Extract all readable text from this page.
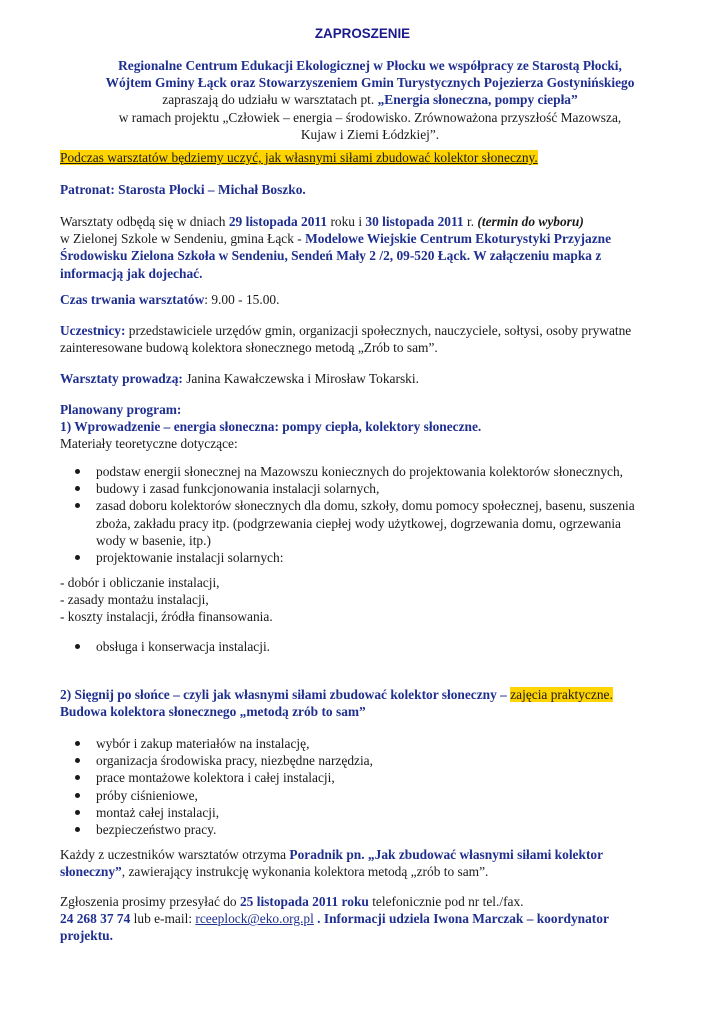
ZAPROSZENIE
Regionalne Centrum Edukacji Ekologicznej w Płocku we współpracy ze Starostą Płocki,
Wójtem Gminy Łąck oraz Stowarzyszeniem Gmin Turystycznych Pojezierza Gostynińskiego
zapraszają do udziału w warsztatach pt. „Energia słoneczna, pompy ciepła”
w ramach projektu „Człowiek – energia – środowisko. Zrównoważona przyszłość Mazowsza,
Kujaw i Ziemi Łódzkiej”.
Podczas warsztatów będziemy uczyć, jak własnymi siłami zbudować kolektor słoneczny.
Patronat: Starosta Płocki – Michał Boszko.
Warsztaty odbędą się w dniach 29 listopada 2011 roku i 30 listopada 2011 r. (termin do wyboru)
w Zielonej Szkole w Sendeniu, gmina Łąck - Modelowe Wiejskie Centrum Ekoturystyki Przyjazne
Środowisku Zielona Szkoła w Sendeniu, Sendeń Mały 2 /2, 09-520 Łąck. W załączeniu mapka z
informacją jak dojechać.
Czas trwania warsztatów: 9.00 - 15.00.
Uczestnicy: przedstawiciele urzędów gmin, organizacji społecznych, nauczyciele, sołtysi, osoby prywatne
zainteresowane budową kolektora słonecznego metodą „Zrób to sam”.
Warsztaty prowadzą: Janina Kawałczewska i Mirosław Tokarski.
Planowany program:
1) Wprowadzenie – energia słoneczna: pompy ciepła, kolektory słoneczne.
Materiały teoretyczne dotyczące:
podstaw energii słonecznej na Mazowszu koniecznych do projektowania kolektorów słonecznych,
budowy i zasad funkcjonowania instalacji solarnych,
zasad doboru kolektorów słonecznych dla domu, szkoły, domu pomocy społecznej, basenu, suszenia
zboża, zakładu pracy itp. (podgrzewania ciepłej wody użytkowej, dogrzewania domu, ogrzewania
wody w basenie, itp.)
projektowanie instalacji solarnych:
- dobór i obliczanie instalacji,
- zasady montażu instalacji,
- koszty instalacji, źródła finansowania.
obsługa i konserwacja instalacji.
2) Sięgnij po słońce – czyli jak własnymi siłami zbudować kolektor słoneczny – zajęcia praktyczne.
Budowa kolektora słonecznego „metodą zrób to sam”
wybór i zakup materiałów na instalację,
organizacja środowiska pracy, niezbędne narzędzia,
prace montażowe kolektora i całej instalacji,
próby ciśnieniowe,
montaż całej instalacji,
bezpieczeństwo pracy.
Każdy z uczestników warsztatów otrzyma Poradnik pn. „Jak zbudować własnymi siłami kolektor
słoneczny”, zawierający instrukcję wykonania kolektora metodą „zrób to sam”.
Zgłoszenia prosimy przesyłać do 25 listopada 2011 roku telefonicznie pod nr tel./fax.
24 268 37 74 lub e-mail: rceeplock@eko.org.pl . Informacji udziela Iwona Marczak – koordynator
projektu.
